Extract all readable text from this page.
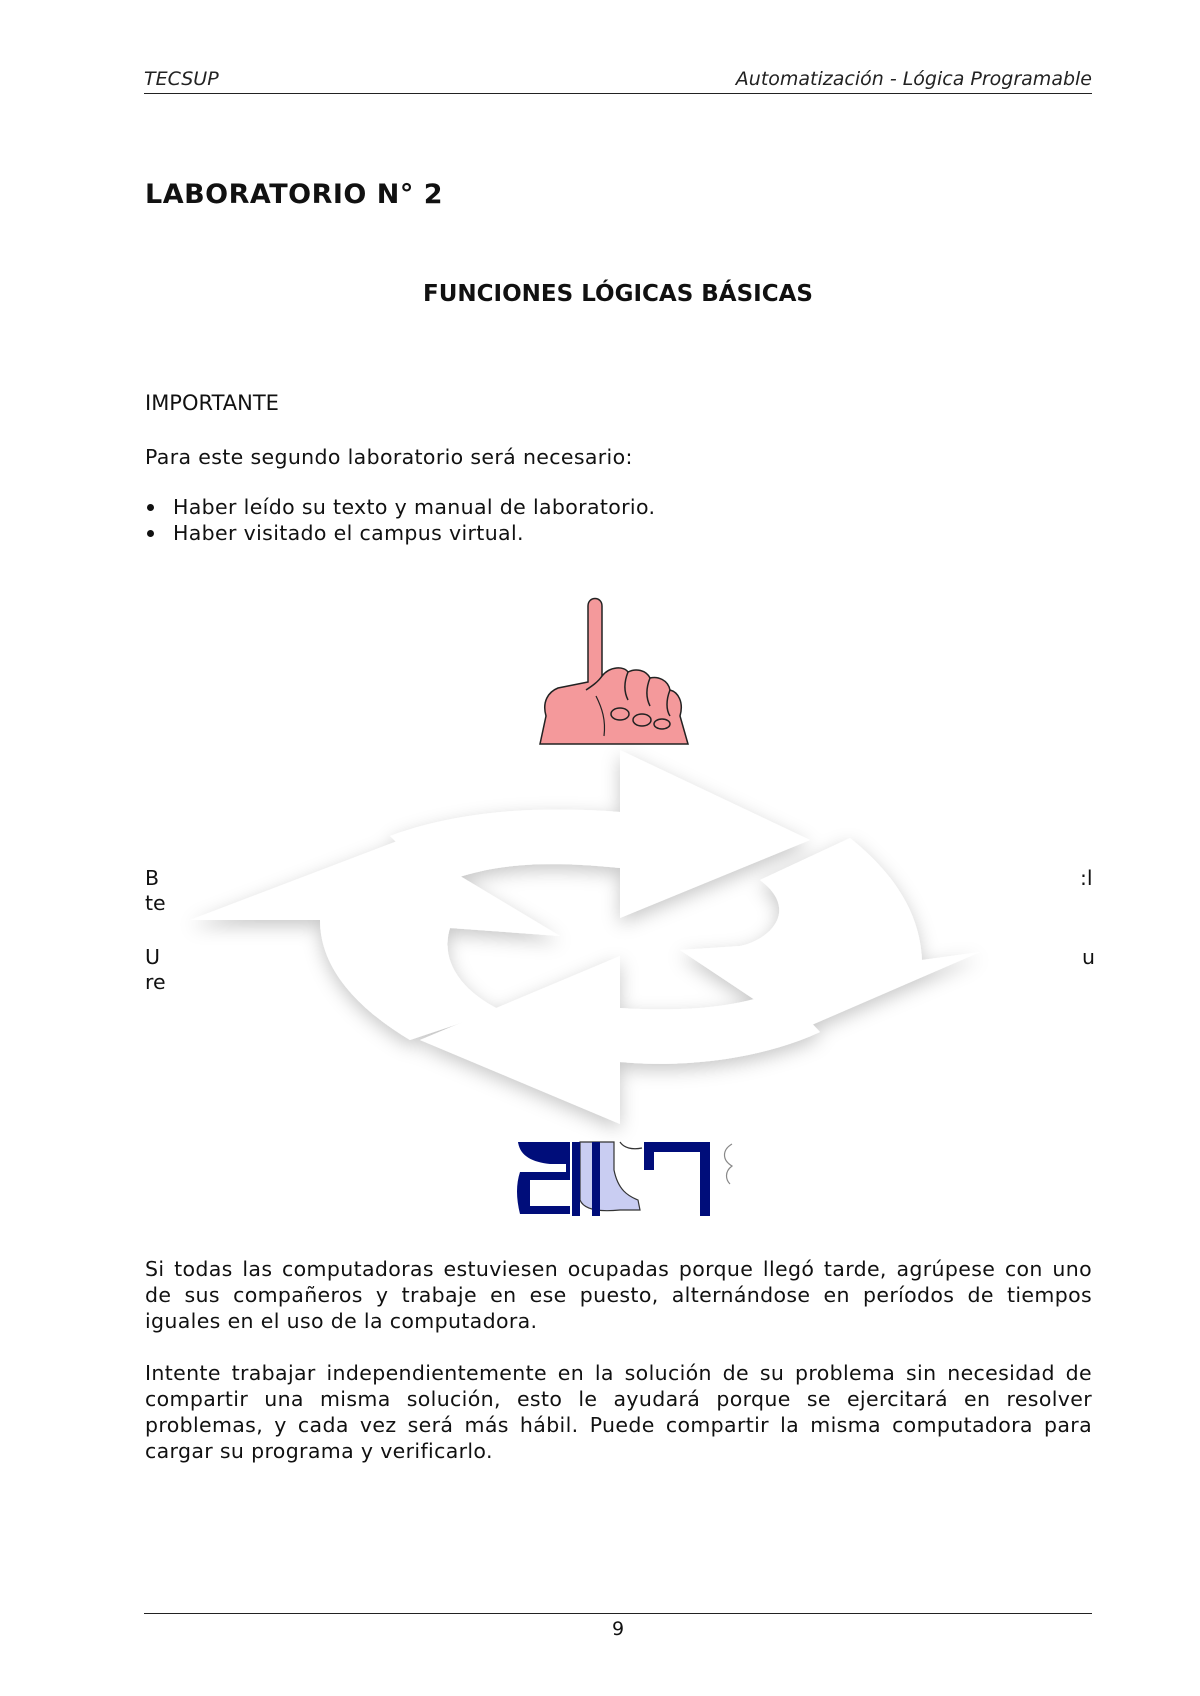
TECSUP	Automatización - Lógica Programable
LABORATORIO N° 2
FUNCIONES LÓGICAS BÁSICAS
IMPORTANTE

Para este segundo laboratorio será necesario:

Haber leído su texto y manual de laboratorio.
Haber visitado el campus virtual.
B	:l
te
U	u
re

Si todas las computadoras estuviesen ocupadas porque llegó tarde, agrúpese con uno de sus compañeros y trabaje en ese puesto, alternándose en períodos de tiempos iguales en el uso de la computadora.

Intente trabajar independientemente en la solución de su problema sin necesidad de compartir una misma solución, esto le ayudará porque se ejercitará en resolver problemas, y cada vez será más hábil. Puede compartir la misma computadora para cargar su programa y verificarlo.

9
